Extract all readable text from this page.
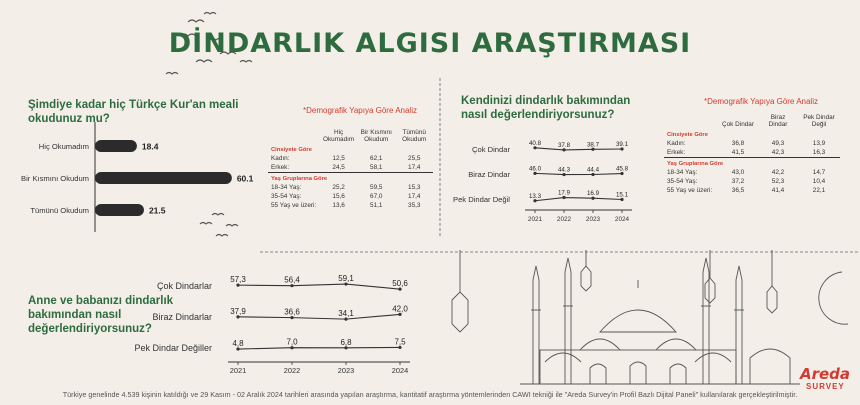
DİNDARLIK ALGISI ARAŞTIRMASI
Şimdiye kadar hiç Türkçe Kur'an meali okudunuz mu?
Hiç Okumadım	18.4
Bir Kısmını Okudum	60.1
Tümünü Okudum	21.5
*Demografik Yapıya Göre Analiz
	Hiç Okumadım	Bir Kısmını Okudum	Tümünü Okudum
Cinsiyete Göre			
Kadın:	12,5	62,1	25,5
Erkek:	24,5	58,1	17,4
Yaş Gruplarına Göre			
18-34 Yaş:	25,2	59,5	15,3
35-54 Yaş:	15,6	67,0	17,4
55 Yaş ve üzeri:	13,6	51,1	35,3
Kendinizi dindarlık bakımından nasıl değerlendiriyorsunuz?
Çok Dindar
40.8	37.8	38.7	39.1
Biraz Dindar
46.0	44.3	44.4	45.8
Pek Dindar Değil	13.3	17.9	16.9	15.1
2021 2022 2023 2024
*Demografik Yapıya Göre Analiz
	Çok Dindar	Biraz Dindar	Pek Dindar Değil
Cinsiyete Göre			
Kadın:	36,8	49,3	13,9
Erkek:	41,5	42,3	16,3
Yaş Gruplarına Göre			
18-34 Yaş:	43,0	42,2	14,7
35-54 Yaş:	37,2	52,3	10,4
55 Yaş ve üzeri:	36,5	41,4	22,1
Anne ve babanızı dindarlık bakımından nasıl değerlendiriyorsunuz?
Çok Dindarlar
57,3	56,4	59,1
50,6
Biraz Dindarlar
37,9	36,6	34,1
42,0
Pek Dindar Değiller	4,8	7,0	6,8	7,5
2021	2022	2023	2024
Türkiye genelinde 4.539 kişinin katıldığı ve 29 Kasım - 02 Aralık 2024 tarihleri arasında yapılan araştırma, kantitatif araştırma yöntemlerinden CAWI tekniği ile "Areda Survey'in Profil Bazlı Dijital Paneli" kullanılarak gerçekleştirilmiştir.
Areda
SURVEY
